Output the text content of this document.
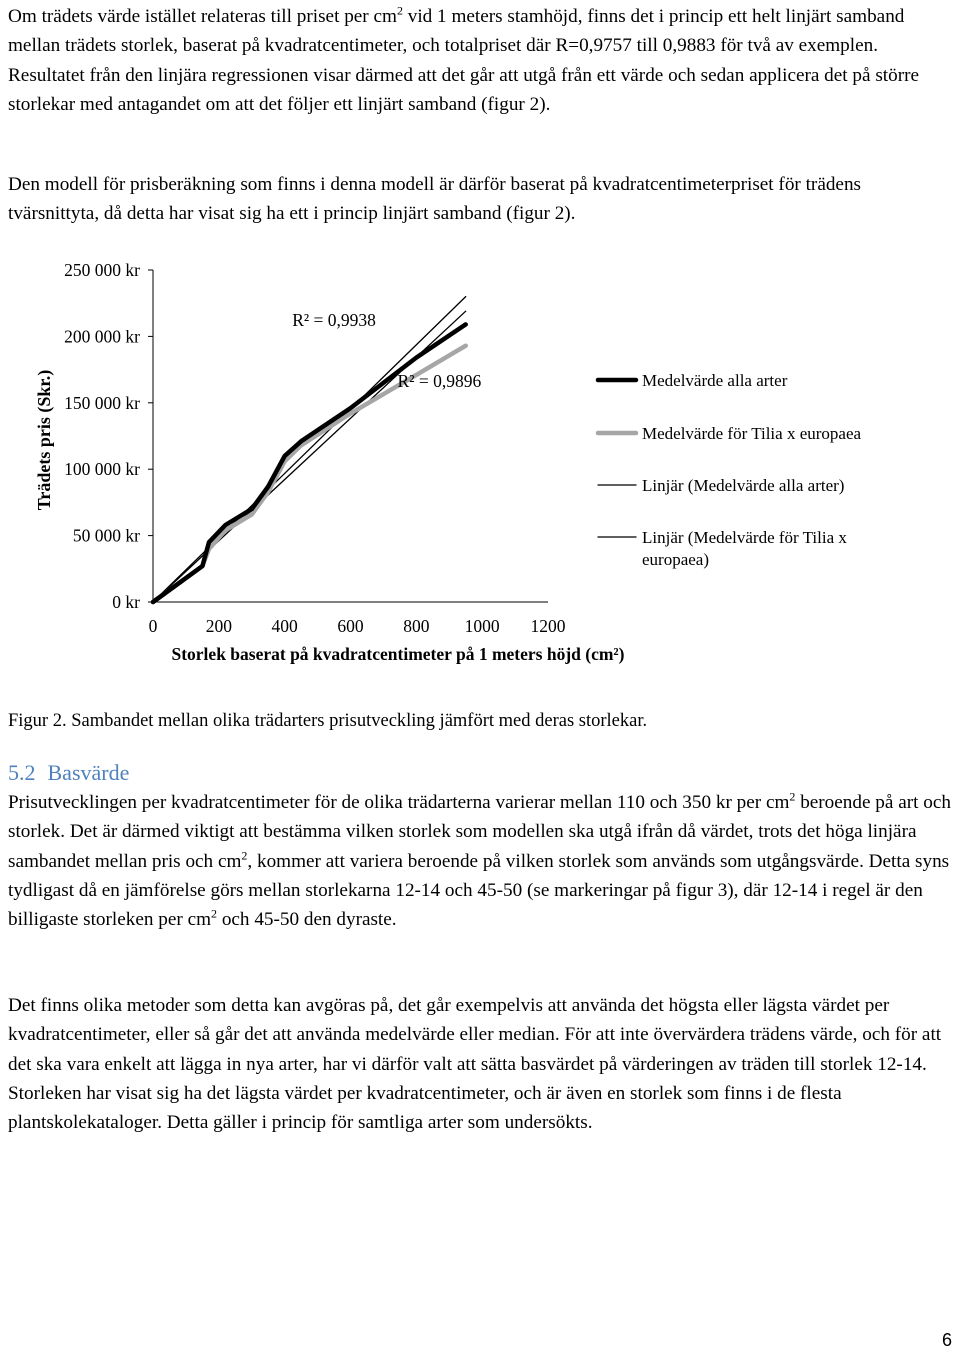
Om trädets värde istället relateras till priset per $cm^2$ vid 1 meters stamhöjd, finns det i princip ett helt linjärt samband mellan trädets storlek, baserat på kvadratcentimeter, och totalpriset där R=0,9757 till 0,9883 för två av exemplen. Resultatet från den linjära regressionen visar därmed att det går att utgå från ett värde och sedan applicera det på större storlekar med antagandet om att det följer ett linjärt samband (figur 2).

Den modell för prisberäkning som finns i denna modell är därför baserat på kvadratcentimeterpriset för trädens tvärsnittyta, då detta har visat sig ha ett i princip linjärt samband (figur 2).

0 kr
50 000 kr
100 000 kr
150 000 kr
200 000 kr
250 000 kr
0	200 400 600 800 1000 1200
R² = 0,9938
R² = 0,9896	Medelvärde alla arter
Medelvärde för Tilia x europaea
Linjär (Medelvärde alla arter)
Linjär (Medelvärde för Tilia x europaea)
Storlek baserat på kvadratcentimeter på 1 meters höjd (cm²)
Trädets pris (Skr.)

Figur 2. Sambandet mellan olika trädarters prisutveckling jämfört med deras storlekar.

5.2 Basvärde

Prisutvecklingen per kvadratcentimeter för de olika trädarterna varierar mellan 110 och 350 kr per $cm^2$ beroende på art och storlek. Det är därmed viktigt att bestämma vilken storlek som modellen ska utgå ifrån då värdet, trots det höga linjära sambandet mellan pris och $cm^2$, kommer att variera beroende på vilken storlek som används som utgångsvärde. Detta syns tydligast då en jämförelse görs mellan storlekarna 12-14 och 45-50 (se markeringar på figur 3), där 12-14 i regel är den billigaste storleken per $cm^2$ och 45-50 den dyraste.

Det finns olika metoder som detta kan avgöras på, det går exempelvis att använda det högsta eller lägsta värdet per kvadratcentimeter, eller så går det att använda medelvärde eller median. För att inte övervärdera trädens värde, och för att det ska vara enkelt att lägga in nya arter, har vi därför valt att sätta basvärdet på värderingen av träden till storlek 12-14. Storleken har visat sig ha det lägsta värdet per kvadratcentimeter, och är även en storlek som finns i de flesta plantskolekataloger. Detta gäller i princip för samtliga arter som undersökts.

6
